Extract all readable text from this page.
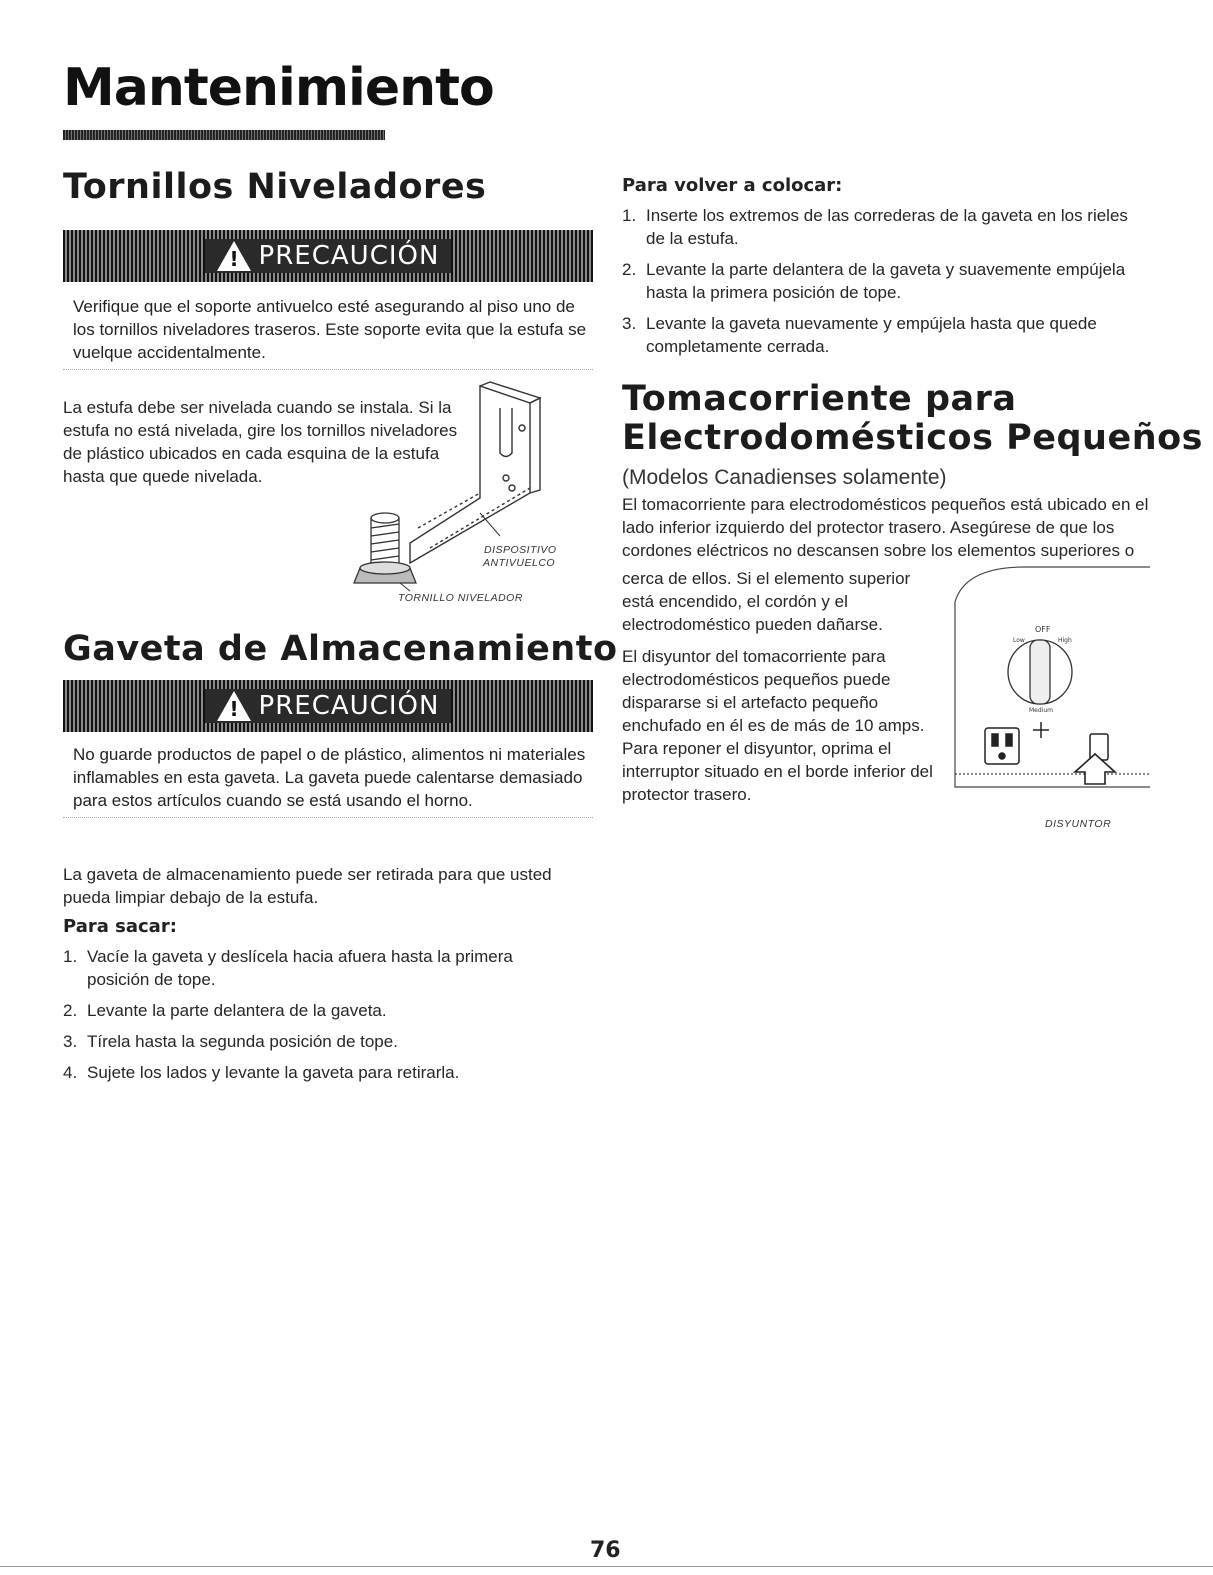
Mantenimiento
Tornillos Niveladores
!
PRECAUCIÓN
Verifique que el soporte antivuelco esté asegurando al piso uno de los tornillos niveladores traseros. Este soporte evita que la estufa se vuelque accidentalmente.
La estufa debe ser nivelada cuando se instala. Si la estufa no está nivelada, gire los tornillos niveladores de plástico ubicados en cada esquina de la estufa hasta que quede nivelada.
DISPOSITIVO
ANTIVUELCO
TORNILLO NIVELADOR
Gaveta de Almacenamiento
!
PRECAUCIÓN
No guarde productos de papel o de plástico, alimentos ni materiales inflamables en esta gaveta. La gaveta puede calentarse demasiado para estos artículos cuando se está usando el horno.
La gaveta de almacenamiento puede ser retirada para que usted pueda limpiar debajo de la estufa.
Para sacar:
1. Vacíe la gaveta y deslícela hacia afuera hasta la primera posición de tope.
2. Levante la parte delantera de la gaveta.
3. Tírela hasta la segunda posición de tope.
4. Sujete los lados y levante la gaveta para retirarla.
Para volver a colocar:
1. Inserte los extremos de las correderas de la gaveta en los rieles de la estufa.
2. Levante la parte delantera de la gaveta y suavemente empújela hasta la primera posición de tope.
3. Levante la gaveta nuevamente y empújela hasta que quede completamente cerrada.
Tomacorriente para
Electrodomésticos Pequeños
(Modelos Canadienses solamente)
El tomacorriente para electrodomésticos pequeños está ubicado en el lado inferior izquierdo del protector trasero. Asegúrese de que los cordones eléctricos no descansen sobre los elementos superiores o
cerca de ellos. Si el elemento superior está encendido, el cordón y el electrodoméstico pueden dañarse.
El disyuntor del tomacorriente para electrodomésticos pequeños puede dispararse si el artefacto pequeño enchufado en él es de más de 10 amps. Para reponer el disyuntor, oprima el interruptor situado en el borde inferior del protector trasero.
OFF
Low	High
Medium
DISYUNTOR
76
